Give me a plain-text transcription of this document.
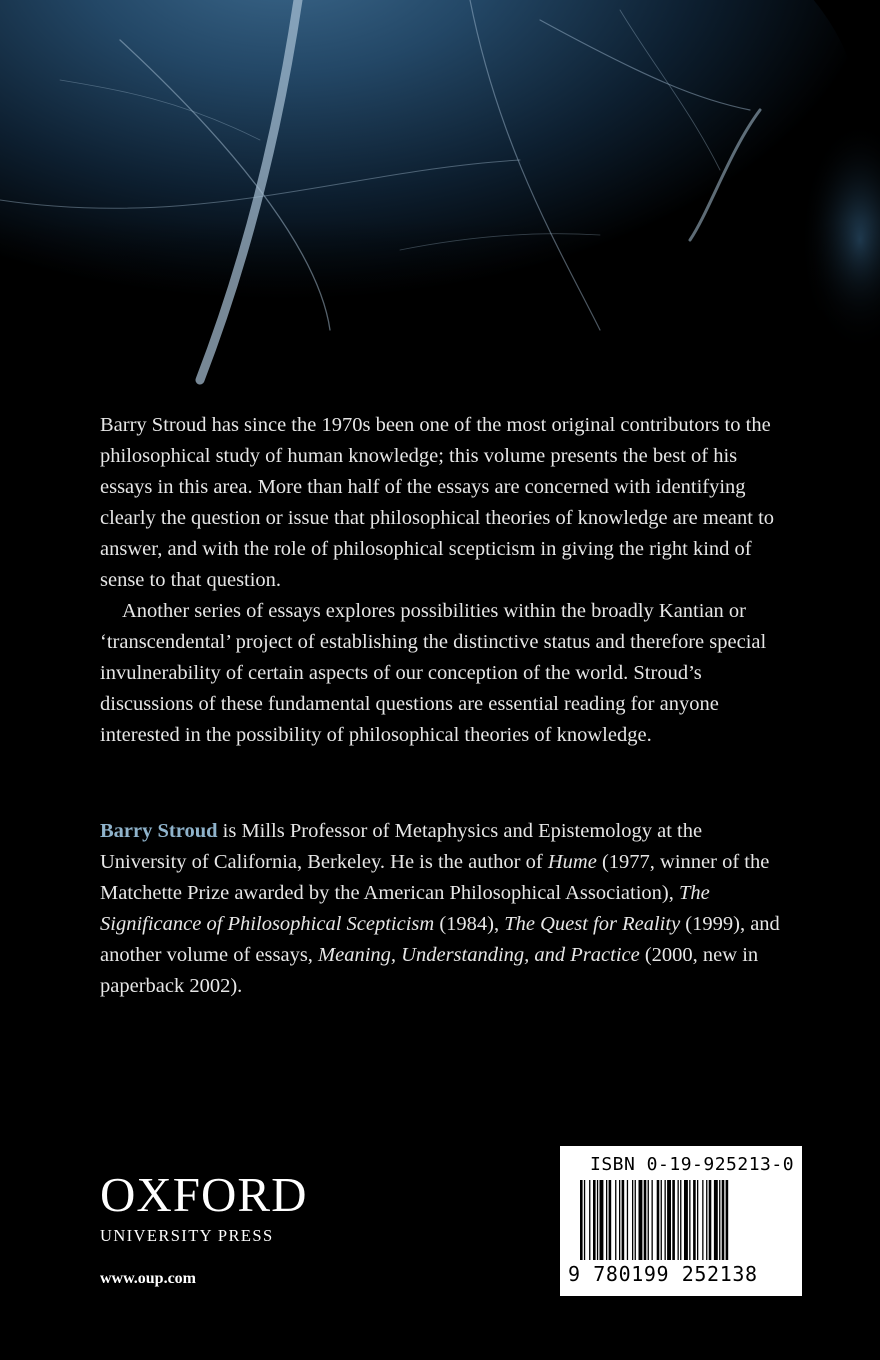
Barry Stroud has since the 1970s been one of the most original contributors to the philosophical study of human knowledge; this volume presents the best of his essays in this area. More than half of the essays are concerned with identifying clearly the question or issue that philosophical theories of knowledge are meant to answer, and with the role of philosophical scepticism in giving the right kind of sense to that question.

Another series of essays explores possibilities within the broadly Kantian or ‘transcendental’ project of establishing the distinctive status and therefore special invulnerability of certain aspects of our conception of the world. Stroud’s discussions of these fundamental questions are essential reading for anyone interested in the possibility of philosophical theories of knowledge.

Barry Stroud is Mills Professor of Metaphysics and Epistemology at the University of California, Berkeley. He is the author of Hume (1977, winner of the Matchette Prize awarded by the American Philosophical Association), The Significance of Philosophical Scepticism (1984), The Quest for Reality (1999), and another volume of essays, Meaning, Understanding, and Practice (2000, new in paperback 2002).
OXFORD
UNIVERSITY PRESS
www.oup.com
ISBN 0-19-925213-0
9 780199 252138
